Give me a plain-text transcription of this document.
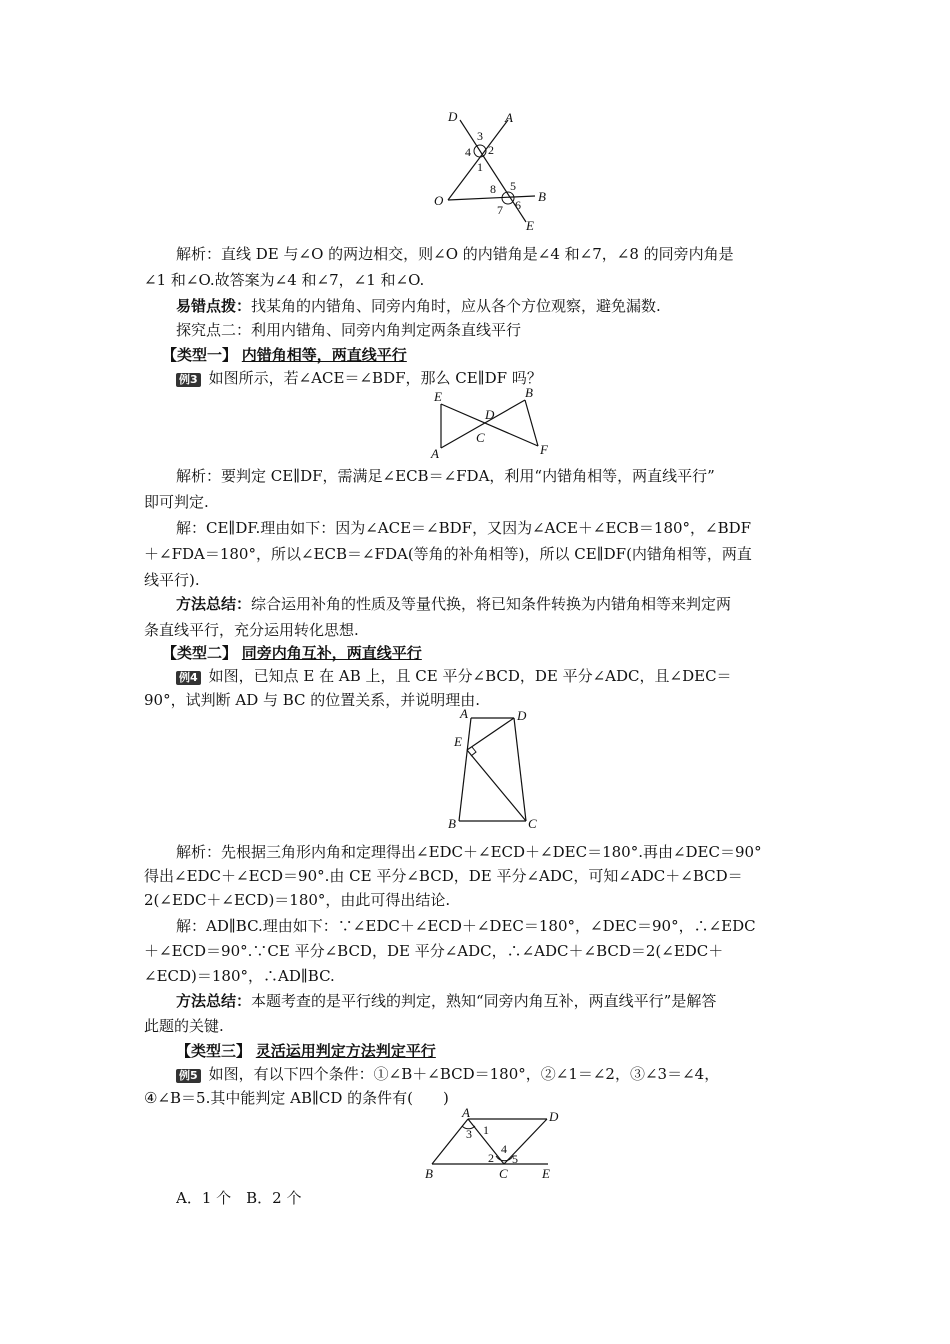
D	A
3
2
4
1
8 5
O	B
7 6
E
解析：直线 DE 与∠O 的两边相交，则∠O 的内错角是∠4 和∠7，∠8 的同旁内角是
∠1 和∠O.故答案为∠4 和∠7，∠1 和∠O.
易错点拨：找某角的内错角、同旁内角时，应从各个方位观察，避免漏数.
探究点二：利用内错角、同旁内角判定两条直线平行
【类型一】 内错角相等，两直线平行
例3 如图所示，若∠ACE＝∠BDF，那么 CE∥DF 吗？
E	B
D
C
A	F
解析：要判定 CE∥DF，需满足∠ECB＝∠FDA，利用“内错角相等，两直线平行”
即可判定.
解：CE∥DF.理由如下：因为∠ACE＝∠BDF，又因为∠ACE＋∠ECB＝180°，∠BDF
＋∠FDA＝180°，所以∠ECB＝∠FDA(等角的补角相等)，所以 CE∥DF(内错角相等，两直
线平行).
方法总结：综合运用补角的性质及等量代换，将已知条件转换为内错角相等来判定两
条直线平行，充分运用转化思想.
【类型二】 同旁内角互补，两直线平行
例4 如图，已知点 E 在 AB 上，且 CE 平分∠BCD，DE 平分∠ADC，且∠DEC＝
90°，试判断 AD 与 BC 的位置关系，并说明理由.
A	D
E
B	C
解析：先根据三角形内角和定理得出∠EDC＋∠ECD＋∠DEC＝180°.再由∠DEC＝90°
得出∠EDC＋∠ECD＝90°.由 CE 平分∠BCD，DE 平分∠ADC，可知∠ADC＋∠BCD＝
2(∠EDC＋∠ECD)＝180°，由此可得出结论.
解：AD∥BC.理由如下：∵∠EDC＋∠ECD＋∠DEC＝180°，∠DEC＝90°，∴∠EDC
＋∠ECD＝90°.∵CE 平分∠BCD，DE 平分∠ADC，∴∠ADC＋∠BCD＝2(∠EDC＋
∠ECD)＝180°，∴AD∥BC.
方法总结：本题考查的是平行线的判定，熟知“同旁内角互补，两直线平行”是解答
此题的关键.
【类型三】 灵活运用判定方法判定平行
例5 如图，有以下四个条件：①∠B＋∠BCD＝180°，②∠1＝∠2，③∠3＝∠4，
④∠B＝5.其中能判定 AB∥CD 的条件有(　　)
A	D
3 1
4
2 5
B	C	E
A．1 个　B．2 个
